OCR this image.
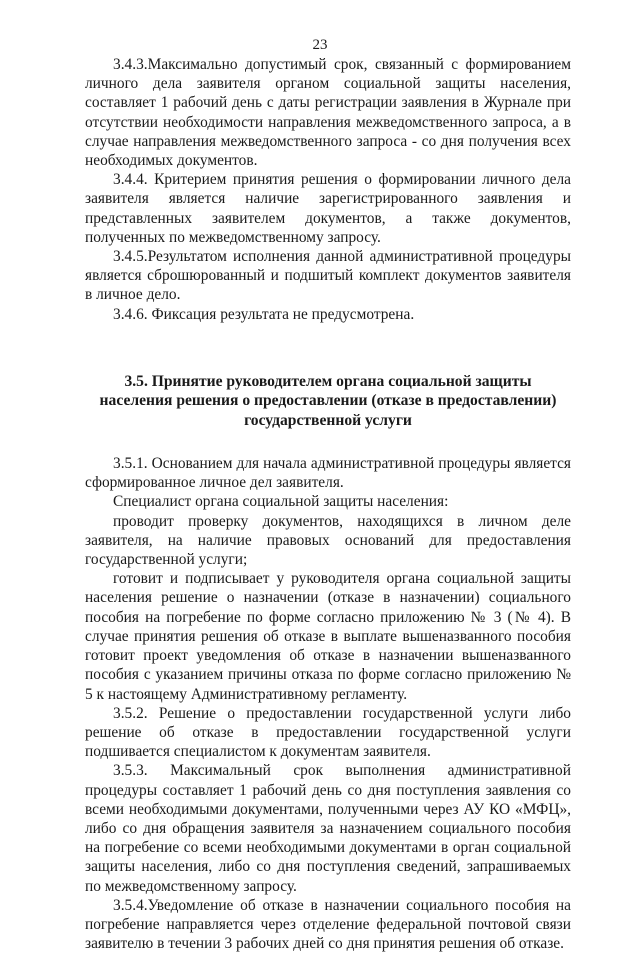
23

3.4.3.Максимально допустимый срок, связанный с формированием личного дела заявителя органом социальной защиты населения, составляет 1 рабочий день с даты регистрации заявления в Журнале при отсутствии необходимости направления межведомственного запроса, а в случае направления межведомственного запроса - со дня получения всех необходимых документов.

3.4.4. Критерием принятия решения о формировании личного дела заявителя является наличие зарегистрированного заявления и представленных заявителем документов, а также документов, полученных по межведомственному запросу.

3.4.5.Результатом исполнения данной административной процедуры является сброшюрованный и подшитый комплект документов заявителя в личное дело.

3.4.6. Фиксация результата не предусмотрена.

3.5. Принятие руководителем органа социальной защиты
населения решения о предоставлении (отказе в предоставлении)
государственной услуги

3.5.1. Основанием для начала административной процедуры является сформированное личное дел заявителя.

Специалист органа социальной защиты населения:

проводит проверку документов, находящихся в личном деле заявителя, на наличие правовых оснований для предоставления государственной услуги;

готовит и подписывает у руководителя органа социальной защиты населения решение о назначении (отказе в назначении) социального пособия на погребение по форме согласно приложению № 3 (№ 4). В случае принятия решения об отказе в выплате вышеназванного пособия готовит проект уведомления об отказе в назначении вышеназванного пособия с указанием причины отказа по форме согласно приложению № 5 к настоящему Административному регламенту.

3.5.2. Решение о предоставлении государственной услуги либо решение об отказе в предоставлении государственной услуги подшивается специалистом к документам заявителя.

3.5.3. Максимальный срок выполнения административной процедуры составляет 1 рабочий день со дня поступления заявления со всеми необходимыми документами, полученными через АУ КО «МФЦ», либо со дня обращения заявителя за назначением социального пособия на погребение со всеми необходимыми документами в орган социальной защиты населения, либо со дня поступления сведений, запрашиваемых по межведомственному запросу.

3.5.4.Уведомление об отказе в назначении социального пособия на погребение направляется через отделение федеральной почтовой связи заявителю в течении 3 рабочих дней со дня принятия решения об отказе.
